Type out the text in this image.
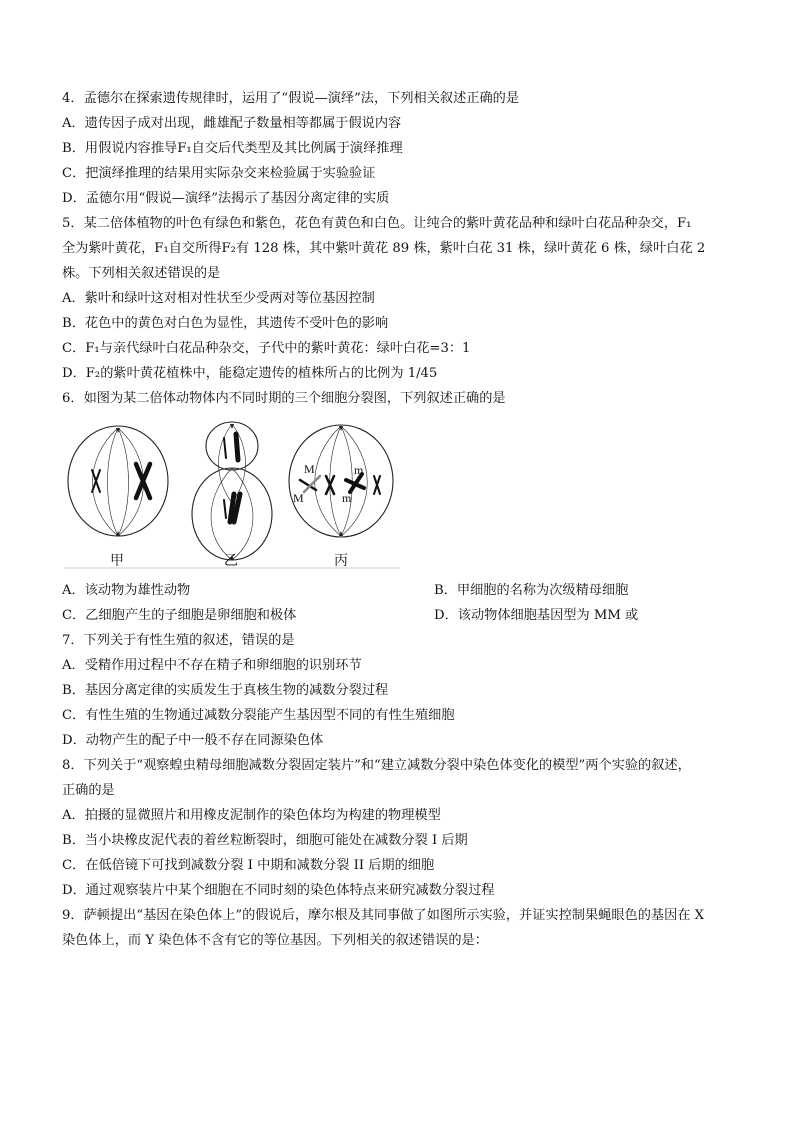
4．孟德尔在探索遗传规律时，运用了“假说—演绎”法，下列相关叙述正确的是
A．遗传因子成对出现，雌雄配子数量相等都属于假说内容
B．用假说内容推导F₁自交后代类型及其比例属于演绎推理
C．把演绎推理的结果用实际杂交来检验属于实验验证
D．孟德尔用“假说—演绎”法揭示了基因分离定律的实质
5．某二倍体植物的叶色有绿色和紫色，花色有黄色和白色。让纯合的紫叶黄花品种和绿叶白花品种杂交，F₁
全为紫叶黄花，F₁自交所得F₂有 128 株，其中紫叶黄花 89 株，紫叶白花 31 株，绿叶黄花 6 株，绿叶白花 2
株。下列相关叙述错误的是
A．紫叶和绿叶这对相对性状至少受两对等位基因控制
B．花色中的黄色对白色为显性，其遗传不受叶色的影响
C．F₁与亲代绿叶白花品种杂交，子代中的紫叶黄花：绿叶白花=3：1
D．F₂的紫叶黄花植株中，能稳定遗传的植株所占的比例为 1/45
6．如图为某二倍体动物体内不同时期的三个细胞分裂图，下列叙述正确的是
M
M
m
m
甲	乙	丙
A．该动物为雄性动物	B．甲细胞的名称为次级精母细胞
C．乙细胞产生的子细胞是卵细胞和极体	D．该动物体细胞基因型为 MM 或
7．下列关于有性生殖的叙述，错误的是
A．受精作用过程中不存在精子和卵细胞的识别环节
B．基因分离定律的实质发生于真核生物的减数分裂过程
C．有性生殖的生物通过减数分裂能产生基因型不同的有性生殖细胞
D．动物产生的配子中一般不存在同源染色体
8．下列关于“观察蝗虫精母细胞减数分裂固定装片”和“建立减数分裂中染色体变化的模型”两个实验的叙述，
正确的是
A．拍摄的显微照片和用橡皮泥制作的染色体均为构建的物理模型
B．当小块橡皮泥代表的着丝粒断裂时，细胞可能处在减数分裂 I 后期
C．在低倍镜下可找到减数分裂 I 中期和减数分裂 II 后期的细胞
D．通过观察装片中某个细胞在不同时刻的染色体特点来研究减数分裂过程
9．萨顿提出“基因在染色体上”的假说后，摩尔根及其同事做了如图所示实验，并证实控制果蝇眼色的基因在 X
染色体上，而 Y 染色体不含有它的等位基因。下列相关的叙述错误的是：
